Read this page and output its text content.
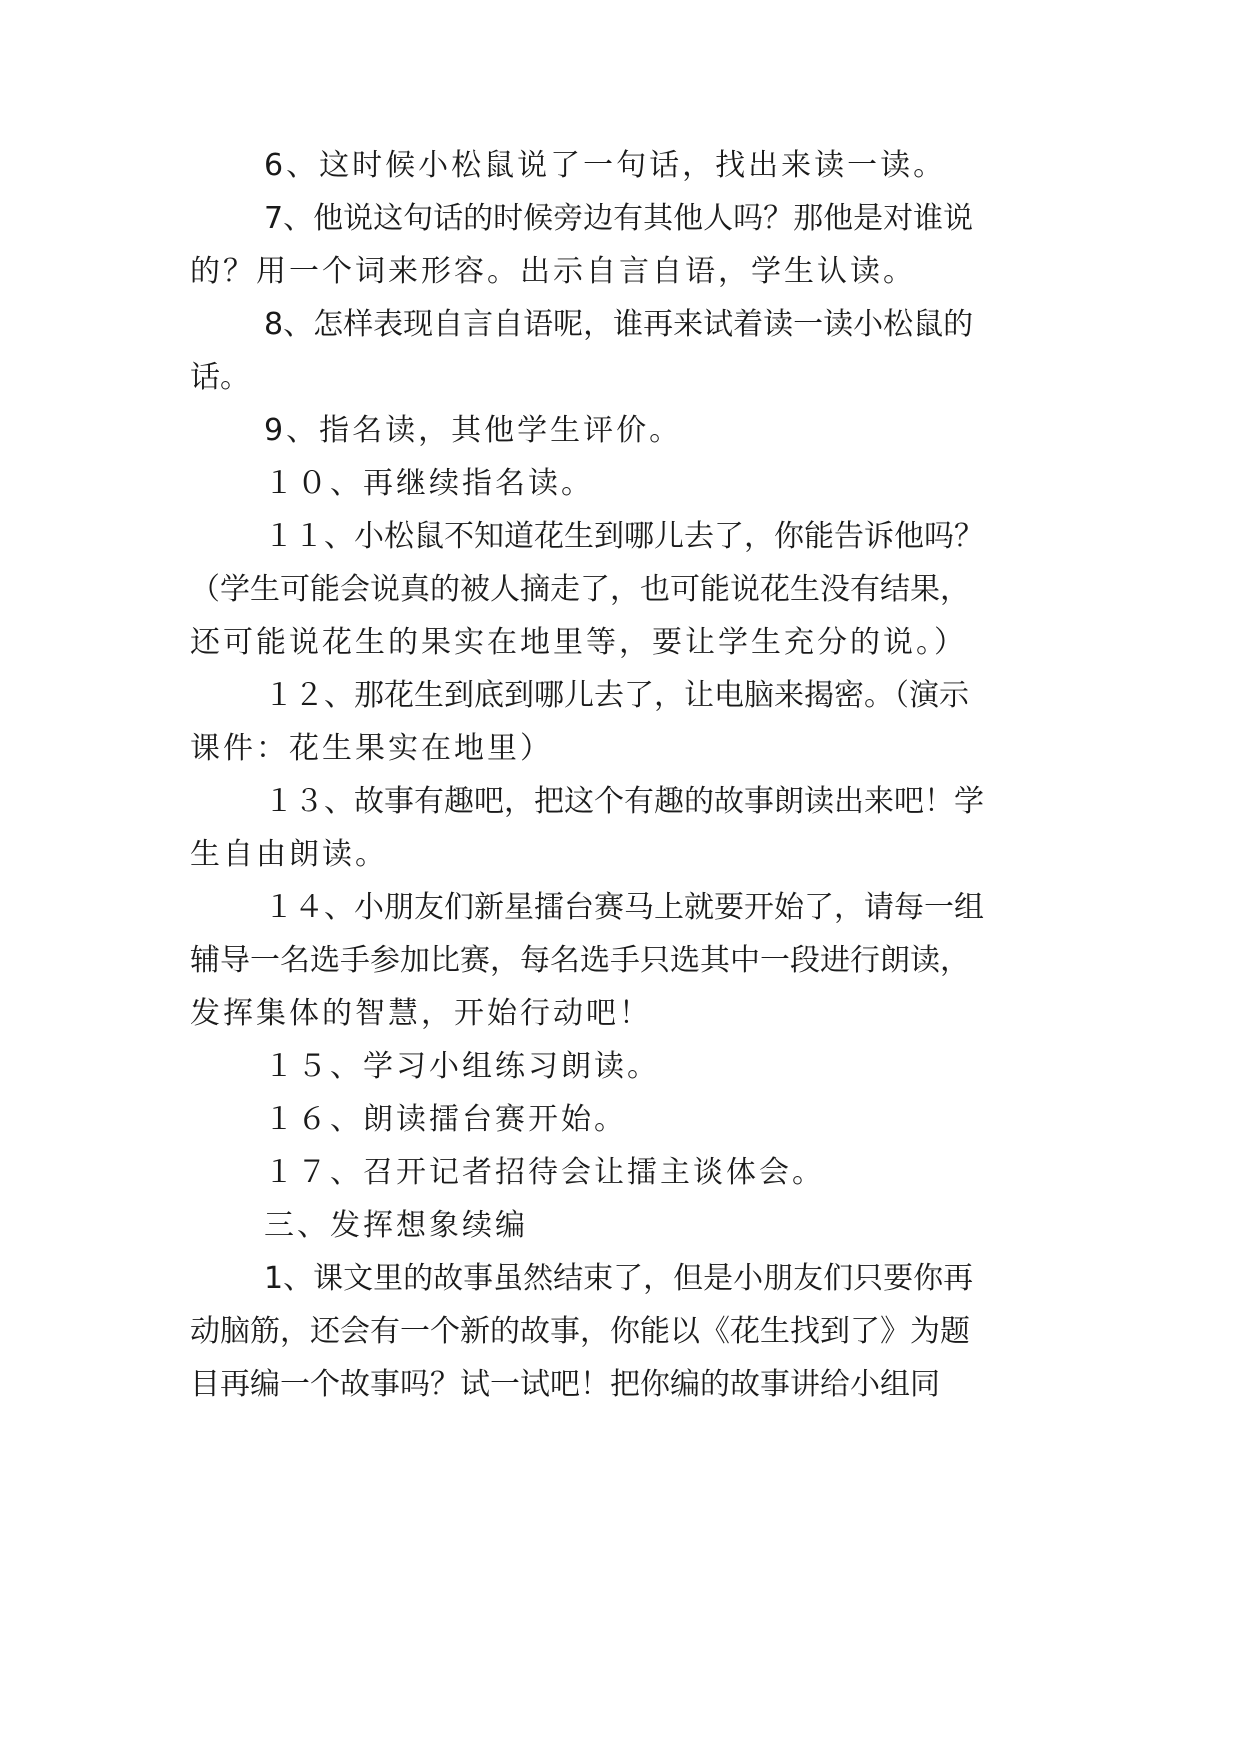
6、这时候小松鼠说了一句话，找出来读一读。
7、他说这句话的时候旁边有其他人吗？那他是对谁说
的？用一个词来形容。出示自言自语，学生认读。
8、怎样表现自言自语呢，谁再来试着读一读小松鼠的
话。
9、指名读，其他学生评价。
１０、再继续指名读。
１１、小松鼠不知道花生到哪儿去了，你能告诉他吗？
（学生可能会说真的被人摘走了，也可能说花生没有结果，
还可能说花生的果实在地里等，要让学生充分的说。）
１２、那花生到底到哪儿去了，让电脑来揭密。（演示
课件：花生果实在地里）
１３、故事有趣吧，把这个有趣的故事朗读出来吧！学
生自由朗读。
１４、小朋友们新星擂台赛马上就要开始了，请每一组
辅导一名选手参加比赛，每名选手只选其中一段进行朗读，
发挥集体的智慧，开始行动吧！
１５、学习小组练习朗读。
１６、朗读擂台赛开始。
１７、召开记者招待会让擂主谈体会。
三、发挥想象续编
1、课文里的故事虽然结束了，但是小朋友们只要你再
动脑筋，还会有一个新的故事，你能以《花生找到了》为题
目再编一个故事吗？试一试吧！把你编的故事讲给小组同
